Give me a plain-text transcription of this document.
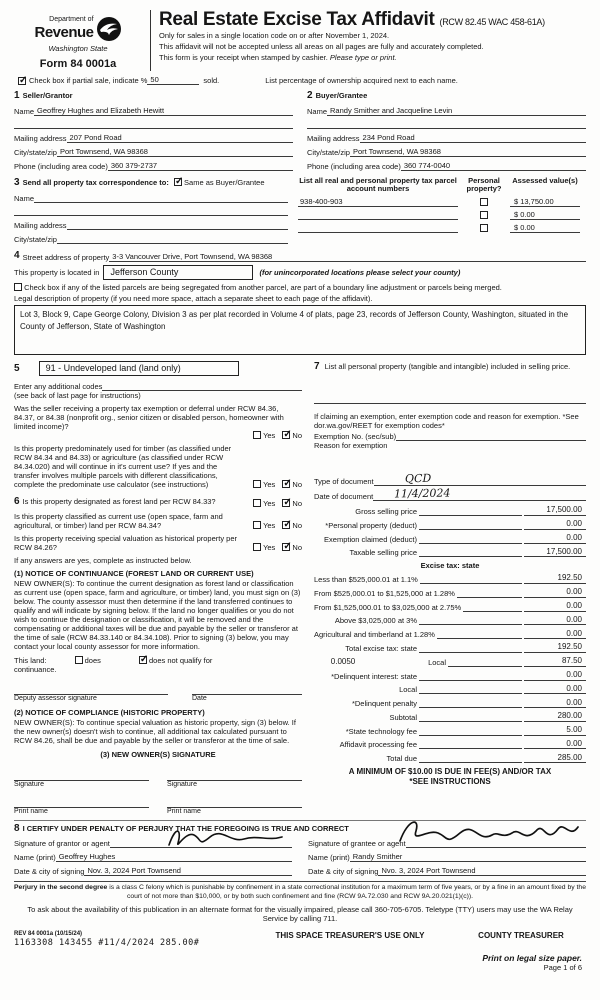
Department of
Revenue
Washington State
Form 84 0001a
Real Estate Excise Tax Affidavit (RCW 82.45 WAC 458-61A)
Only for sales in a single location code on or after November 1, 2024.
This affidavit will not be accepted unless all areas on all pages are fully and accurately completed.
This form is your receipt when stamped by cashier. Please type or print.
✓
Check box if partial sale, indicate % 50	sold.	List percentage of ownership acquired next to each name.
1 Seller/Grantor
Name Geoffrey Hughes and Elizabeth Hewitt
Mailing address 207 Pond Road
City/state/zip Port Townsend, WA 98368
Phone (including area code) 360 379-2737
2 Buyer/Grantee
Name Randy Smither and Jacqueline Levin
Mailing address 234 Pond Road
City/state/zip Port Townsend, WA 98368
Phone (including area code) 360 774-0040
3 Send all property tax correspondence to: ✓ Same as Buyer/Grantee
Name
Mailing address
City/state/zip
List all real and personal property tax parcel account numbers
Personal property?
Assessed value(s)
938-400-903	$ 13,750.00
$ 0.00
$ 0.00
4 Street address of property 3-3 Vancouver Drive, Port Townsend, WA 98368
This property is located in	Jefferson County	(for unincorporated locations please select your county)
Check box if any of the listed parcels are being segregated from another parcel, are part of a boundary line adjustment or parcels being merged.
Legal description of property (if you need more space, attach a separate sheet to each page of the affidavit).
Lot 3, Block 9, Cape George Colony, Division 3 as per plat recorded in Volume 4 of plats, page 23, records of Jefferson County, Washington, situated in the County of Jefferson, State of Washington
5	91 - Undeveloped land (land only)
Enter any additional codes
(see back of last page for instructions)
Was the seller receiving a property tax exemption or deferral under RCW 84.36, 84.37, or 84.38 (nonprofit org., senior citizen or disabled person, homeowner with limited income)?
Yes ✓ No
Is this property predominately used for timber (as classified under RCW 84.34 and 84.33) or agriculture (as classified under RCW 84.34.020) and will continue in it's current use? If yes and the transfer involves multiple parcels with different classifications, complete the predominate use calculator (see instructions)	Yes ✓ No
6 Is this property designated as forest land per RCW 84.33?	Yes ✓ No
Is this property classified as current use (open space, farm and agricultural, or timber) land per RCW 84.34?	Yes ✓ No
Is this property receiving special valuation as historical property per RCW 84.26?	Yes ✓ No
If any answers are yes, complete as instructed below.
(1) NOTICE OF CONTINUANCE (FOREST LAND OR CURRENT USE)
NEW OWNER(S): To continue the current designation as forest land or classification as current use (open space, farm and agriculture, or timber) land, you must sign on (3) below. The county assessor must then determine if the land transferred continues to qualify and will indicate by signing below. If the land no longer qualifies or you do not wish to continue the designation or classification, it will be removed and the compensating or additional taxes will be due and payable by the seller or transferor at the time of sale (RCW 84.33.140 or 84.34.108). Prior to signing (3) below, you may contact your local county assessor for more information.
This land:	does ✓	does not qualify for
continuance.
Deputy assessor signature	Date
(2) NOTICE OF COMPLIANCE (HISTORIC PROPERTY)
NEW OWNER(S): To continue special valuation as historic property, sign (3) below. If the new owner(s) doesn't wish to continue, all additional tax calculated pursuant to RCW 84.26, shall be due and payable by the seller or transferor at the time of sale.
(3) NEW OWNER(S) SIGNATURE
Signature	Signature
Print name	Print name
7 List all personal property (tangible and intangible) included in selling price.
If claiming an exemption, enter exemption code and reason for exemption. *See dor.wa.gov/REET for exemption codes*
Exemption No. (sec/sub)
Reason for exemption
Type of document	QCD
Date of document	11/4/2024
Gross selling price	17,500.00
*Personal property (deduct)	0.00
Exemption claimed (deduct)	0.00
Taxable selling price	17,500.00
Excise tax: state
Less than $525,000.01 at 1.1%	192.50
From $525,000.01 to $1,525,000 at 1.28%	0.00
From $1,525,000.01 to $3,025,000 at 2.75%	0.00
Above $3,025,000 at 3%	0.00
Agricultural and timberland at 1.28%	0.00
Total excise tax: state	192.50
0.0050	Local	87.50
*Delinquent interest: state	0.00
Local	0.00
*Delinquent penalty	0.00
Subtotal	280.00
*State technology fee	5.00
Affidavit processing fee	0.00
Total due	285.00
A MINIMUM OF $10.00 IS DUE IN FEE(S) AND/OR TAX
*SEE INSTRUCTIONS
8 I CERTIFY UNDER PENALTY OF PERJURY THAT THE FOREGOING IS TRUE AND CORRECT
Signature of grantor or agent
Name
(print) Geoffrey Hughes
Date & city of signing Nov. 3, 2024 Port Townsend
Signature of grantee or agent
Name
(print) Randy Smither
Date & city of signing Nvo. 3, 2024 Port Townsend
Perjury in the second degree is a class C felony which is punishable by confinement in a state correctional institution for a maximum term of five years, or by a fine in an amount fixed by the court of not more than $10,000, or by both such confinement and fine (RCW 9A.72.030 and RCW 9A.20.021(1)(c)).
To ask about the availability of this publication in an alternate format for the visually impaired, please call 360-705-6705. Teletype (TTY) users may use the WA Relay Service by calling 711.
REV 84 0001a (10/15/24)
1163308 143455 #11/4/2024 285.00#
THIS SPACE TREASURER'S USE ONLY	COUNTY TREASURER
Print on legal size paper.
Page 1 of 6
